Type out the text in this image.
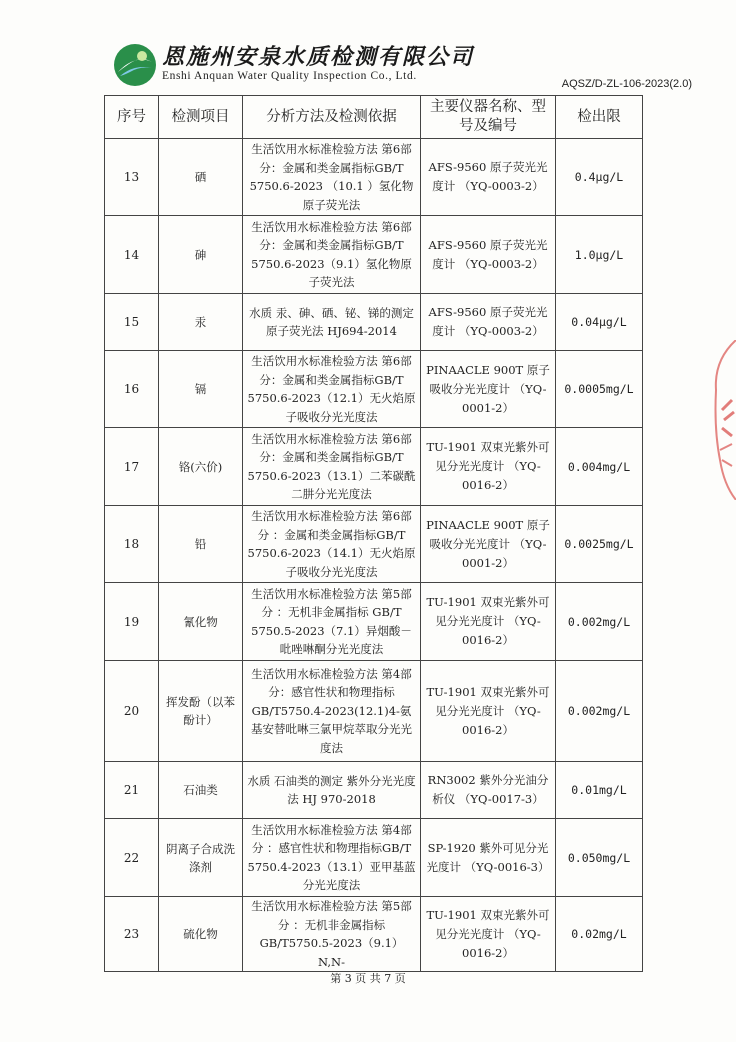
恩施州安泉水质检测有限公司
Enshi Anquan Water Quality Inspection Co., Ltd.
AQSZ/D-ZL-106-2023(2.0)
序号	检测项目	分析方法及检测依据	主要仪器名称、型号及编号	检出限
13	硒	生活饮用水标准检验方法 第6部分：金属和类金属指标GB/T 5750.6-2023 （10.1 ）氢化物原子荧光法	AFS-9560 原子荧光光度计 （YQ-0003-2）	0.4μg/L
14	砷	生活饮用水标准检验方法 第6部分：金属和类金属指标GB/T 5750.6-2023（9.1）氢化物原子荧光法	AFS-9560 原子荧光光度计 （YQ-0003-2）	1.0μg/L
15	汞	水质 汞、砷、硒、铋、锑的测定 原子荧光法 HJ694-2014	AFS-9560 原子荧光光度计 （YQ-0003-2）	0.04μg/L
16	镉	生活饮用水标准检验方法 第6部分：金属和类金属指标GB/T 5750.6-2023（12.1）无火焰原子吸收分光光度法	PINAACLE 900T 原子吸收分光光度计 （YQ-0001-2）	0.0005mg/L
17	铬(六价)	生活饮用水标准检验方法 第6部分：金属和类金属指标GB/T 5750.6-2023（13.1）二苯碳酰二肼分光光度法	TU-1901 双束光紫外可见分光光度计 （YQ-0016-2）	0.004mg/L
18	铅	生活饮用水标准检验方法 第6部分 ：金属和类金属指标GB/T 5750.6-2023（14.1）无火焰原子吸收分光光度法	PINAACLE 900T 原子吸收分光光度计 （YQ-0001-2）	0.0025mg/L
19	氰化物	生活饮用水标准检验方法 第5部分 ：无机非金属指标 GB/T 5750.5-2023（7.1）异烟酸－吡唑啉酮分光光度法	TU-1901 双束光紫外可见分光光度计 （YQ-0016-2）	0.002mg/L
20	挥发酚（以苯酚计）	生活饮用水标准检验方法 第4部分：感官性状和物理指标 GB/T5750.4-2023(12.1)4-氨基安替吡啉三氯甲烷萃取分光光度法	TU-1901 双束光紫外可见分光光度计 （YQ-0016-2）	0.002mg/L
21	石油类	水质 石油类的测定 紫外分光光度法 HJ 970-2018	RN3002 紫外分光油分析仪 （YQ-0017-3）	0.01mg/L
22	阴离子合成洗涤剂	生活饮用水标准检验方法 第4部分 ：感官性状和物理指标GB/T 5750.4-2023（13.1）亚甲基蓝分光光度法	SP-1920 紫外可见分光光度计 （YQ-0016-3）	0.050mg/L
23	硫化物	生活饮用水标准检验方法 第5部分 ：无机非金属指标GB/T5750.5-2023（9.1）N,N-	TU-1901 双束光紫外可见分光光度计 （YQ-0016-2）	0.02mg/L
第 3 页 共 7 页
